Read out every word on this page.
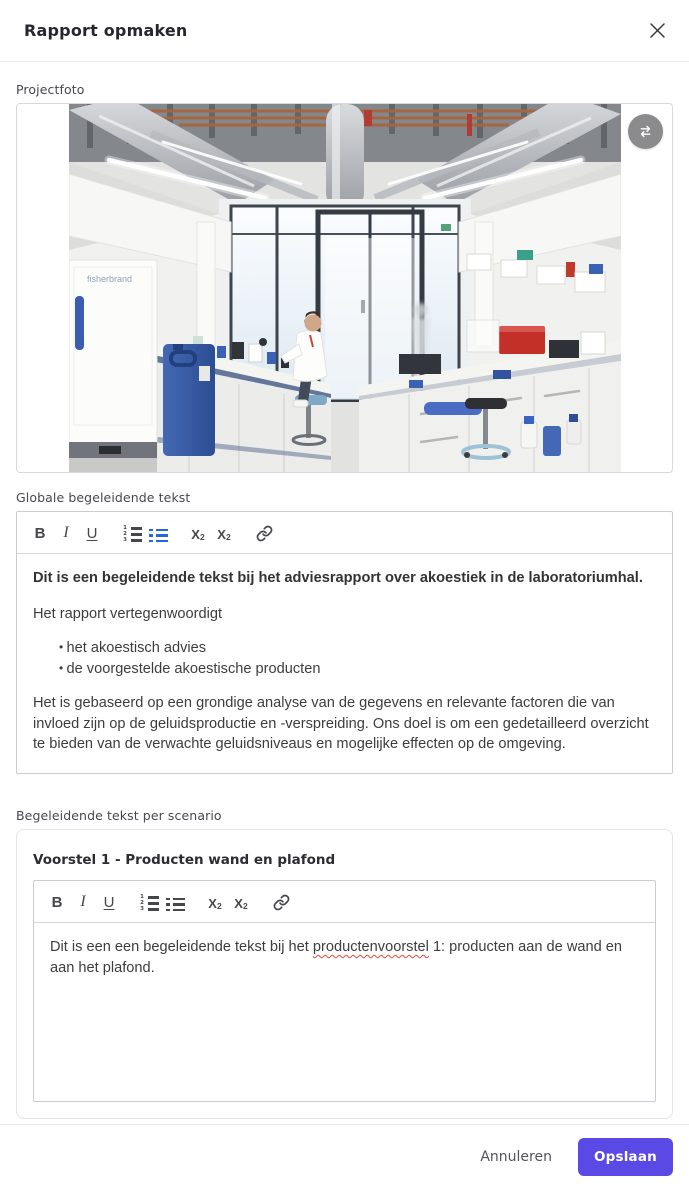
Rapport opmaken
Projectfoto
fisherbrand
Globale begeleidende tekst
B	I	U	1
2
3	X 2 X 2

Dit is een begeleidende tekst bij het adviesrapport over akoestiek in de laboratoriumhal.

Het rapport vertegenwoordigt

• het akoestisch advies
• de voorgestelde akoestische producten

Het is gebaseerd op een grondige analyse van de gegevens en relevante factoren die van invloed zijn op de geluidsproductie en -verspreiding. Ons doel is om een gedetailleerd overzicht te bieden van de verwachte geluidsniveaus en mogelijke effecten op de omgeving.

Begeleidende tekst per scenario
Voorstel 1 - Producten wand en plafond
B	I	U	1
2
3	X 2 X 2

Dit is een een begeleidende tekst bij het productenvoorstel 1: producten aan de wand en aan het plafond.

Annuleren	Opslaan
